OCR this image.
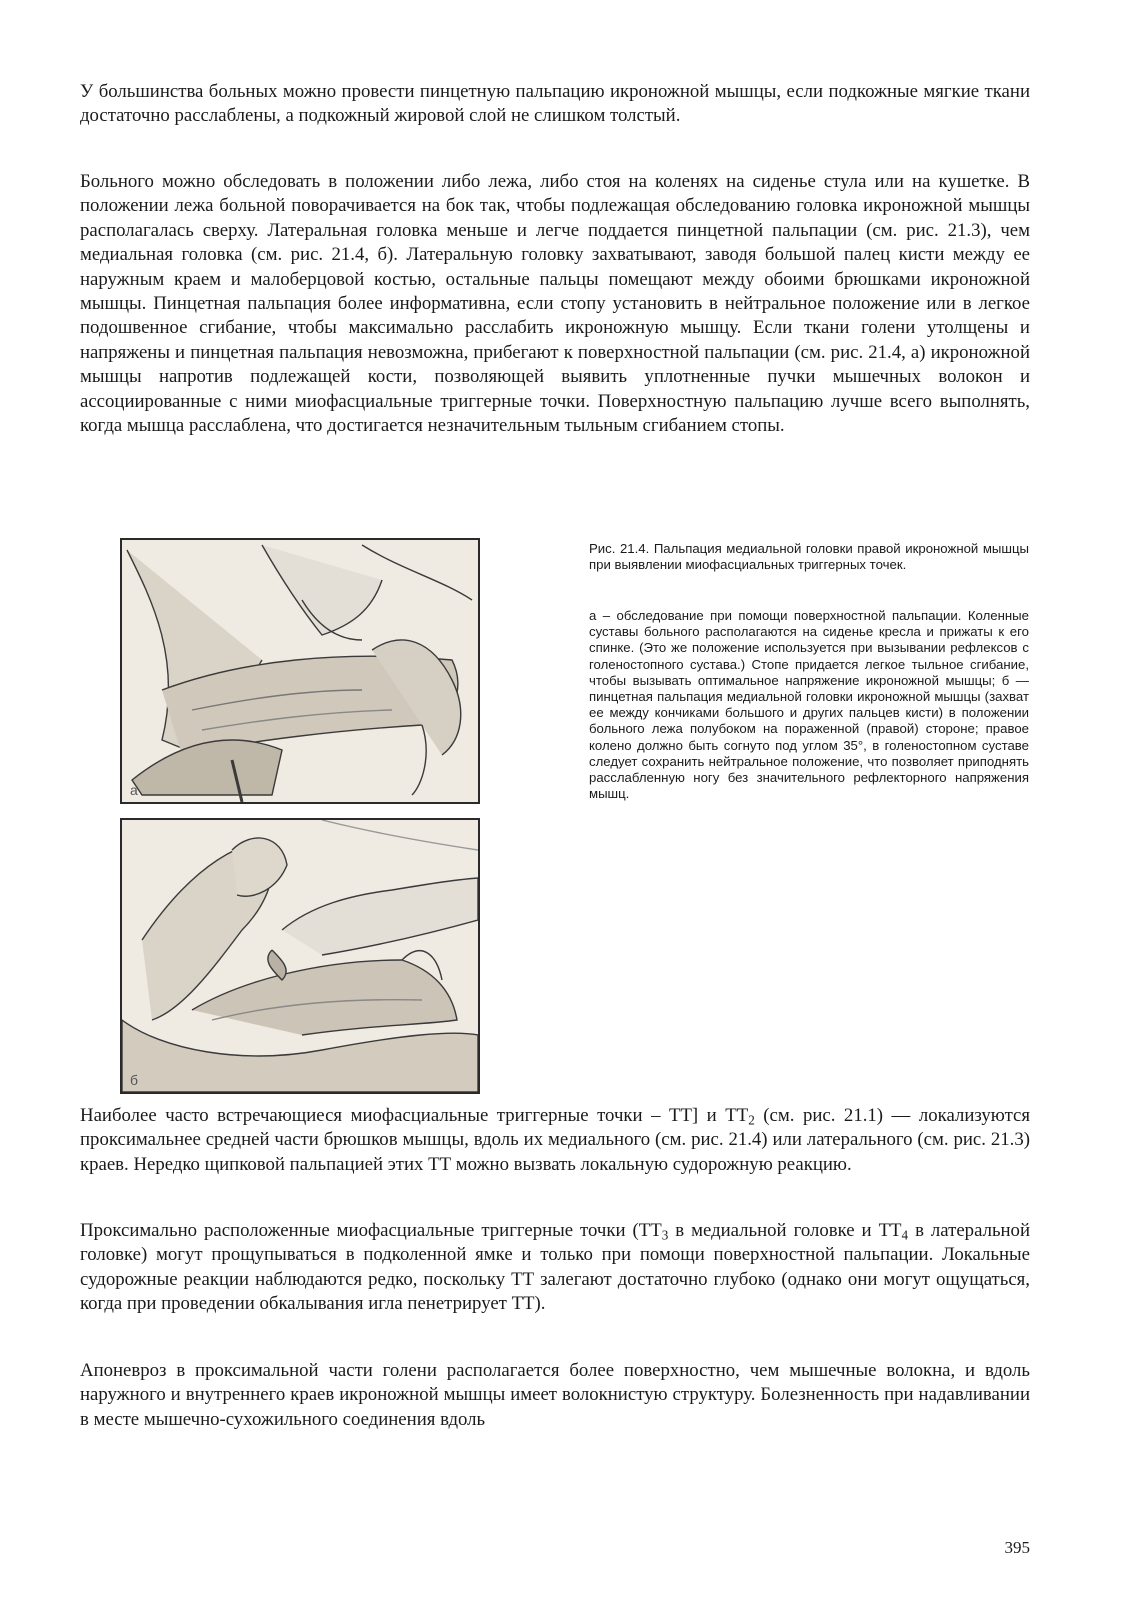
У большинства больных можно провести пинцетную пальпацию икроножной мышцы, если подкожные мягкие ткани достаточно расслаблены, а подкожный жировой слой не слишком толстый.

Больного можно обследовать в положении либо лежа, либо стоя на коленях на сиденье стула или на кушетке. В положении лежа больной поворачивается на бок так, чтобы подлежащая обследованию головка икроножной мышцы располагалась сверху. Латеральная головка меньше и легче поддается пинцетной пальпации (см. рис. 21.3), чем медиальная головка (см. рис. 21.4, б). Латеральную головку захватывают, заводя большой палец кисти между ее наружным краем и малоберцовой костью, остальные пальцы помещают между обоими брюшками икроножной мышцы. Пинцетная пальпация более информативна, если стопу установить в нейтральное положение или в легкое подошвенное сгибание, чтобы максимально расслабить икроножную мышцу. Если ткани голени утолщены и напряжены и пинцетная пальпация невозможна, прибегают к поверхностной пальпации (см. рис. 21.4, а) икроножной мышцы напротив подлежащей кости, позволяющей выявить уплотненные пучки мышечных волокон и ассоциированные с ними миофасциальные триггерные точки. Поверхностную пальпацию лучше всего выполнять, когда мышца расслаблена, что достигается незначительным тыльным сгибанием стопы.

а
б

Рис. 21.4. Пальпация медиальной головки правой икроножной мышцы при выявлении миофасциальных триггерных точек.

а – обследование при помощи поверхностной пальпации. Коленные суставы больного располагаются на сиденье кресла и прижаты к его спинке. (Это же положение используется при вызывании рефлексов с голеностопного сустава.) Стопе придается легкое тыльное сгибание, чтобы вызывать оптимальное напряжение икроножной мышцы; б — пинцетная пальпация медиальной головки икроножной мышцы (захват ее между кончиками большого и других пальцев кисти) в положении больного лежа полубоком на пораженной (правой) стороне; правое колено должно быть согнуто под углом 35°, в голеностопном суставе следует сохранить нейтральное положение, что позволяет приподнять расслабленную ногу без значительного рефлекторного напряжения мышц.

Наиболее часто встречающиеся миофасциальные триггерные точки – ТТ] и $ТТ_2$ (см. рис. 21.1) — локализуются проксимальнее средней части брюшков мышцы, вдоль их медиального (см. рис. 21.4) или латерального (см. рис. 21.3) краев. Нередко щипковой пальпацией этих ТТ можно вызвать локальную судорожную реакцию.

Проксимально расположенные миофасциальные триггерные точки ($ТТ_3$ в медиальной головке и $ТТ_4$ в латеральной головке) могут прощупываться в подколенной ямке и только при помощи поверхностной пальпации. Локальные судорожные реакции наблюдаются редко, поскольку ТТ залегают достаточно глубоко (однако они могут ощущаться, когда при проведении обкалывания игла пенетрирует ТТ).

Апоневроз в проксимальной части голени располагается более поверхностно, чем мышечные волокна, и вдоль наружного и внутреннего краев икроножной мышцы имеет волокнистую структуру. Болезненность при надавливании в месте мышечно-сухожильного соединения вдоль

395
